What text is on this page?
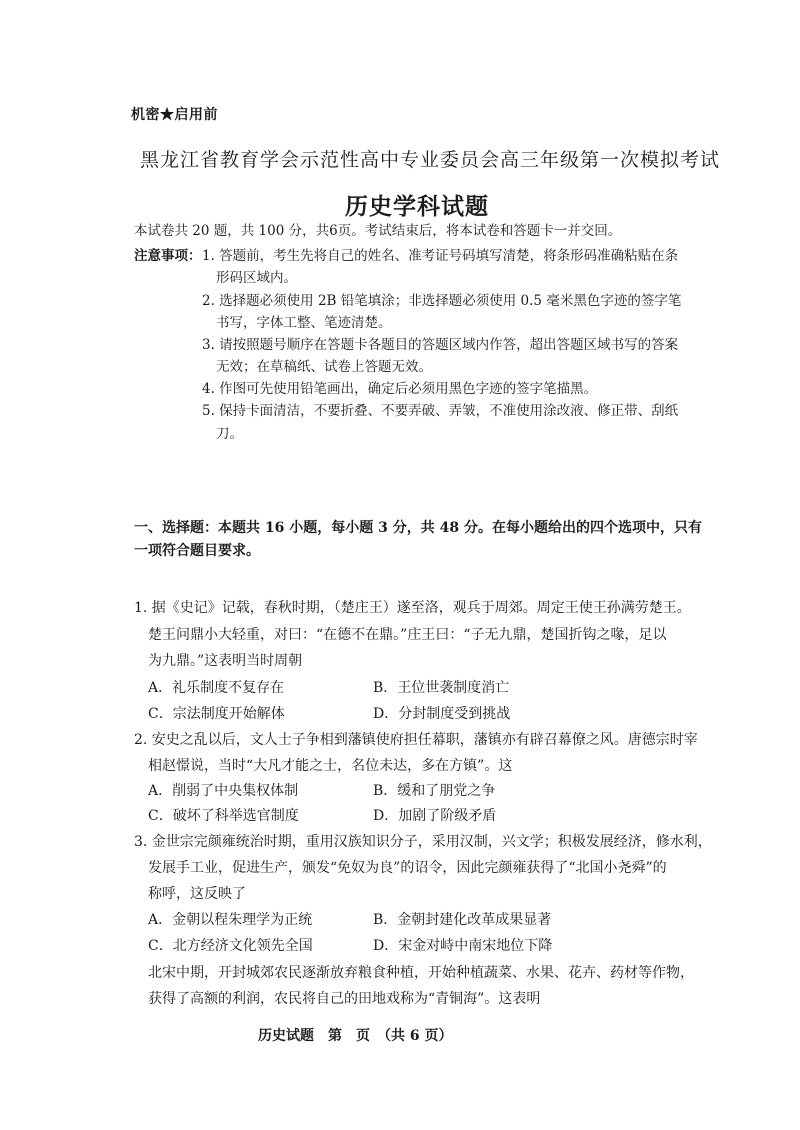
机密★启用前
黑龙江省教育学会示范性高中专业委员会高三年级第一次模拟考试
历史学科试题
本试卷共 20 题，共 100 分，共6页。考试结束后，将本试卷和答题卡一并交回。
注意事项： 1. 答题前，考生先将自己的姓名、准考证号码填写清楚，将条形码准确粘贴在条
形码区域内。
2. 选择题必须使用 2B 铅笔填涂；非选择题必须使用 0.5 毫米黑色字迹的签字笔
书写，字体工整、笔迹清楚。
3. 请按照题号顺序在答题卡各题目的答题区域内作答，超出答题区域书写的答案
无效；在草稿纸、试卷上答题无效。
4. 作图可先使用铅笔画出，确定后必须用黑色字迹的签字笔描黑。
5. 保持卡面清洁，不要折叠、不要弄破、弄皱，不准使用涂改液、修正带、刮纸
刀。
一、选择题：本题共 16 小题，每小题 3 分，共 48 分。在每小题给出的四个选项中，只有
一项符合题目要求。
1. 据《史记》记载，春秋时期，（楚庄王）遂至洛，观兵于周郊。周定王使王孙满劳楚王。
楚王问鼎小大轻重，对曰：“在德不在鼎。”庄王曰：“子无九鼎，楚国折钩之喙，足以
为九鼎。”这表明当时周朝
A．礼乐制度不复存在	B．王位世袭制度消亡
C．宗法制度开始解体	D．分封制度受到挑战
2. 安史之乱以后，文人士子争相到藩镇使府担任幕职，藩镇亦有辟召幕僚之风。唐德宗时宰
相赵憬说，当时“大凡才能之士，名位未达，多在方镇”。这
A．削弱了中央集权体制	B．缓和了朋党之争
C．破坏了科举选官制度	D．加剧了阶级矛盾
3. 金世宗完颜雍统治时期，重用汉族知识分子，采用汉制，兴文学；积极发展经济，修水利，
发展手工业，促进生产，颁发“免奴为良”的诏令，因此完颜雍获得了“北国小尧舜”的
称呼，这反映了
A．金朝以程朱理学为正统	B．金朝封建化改革成果显著
C．北方经济文化领先全国	D．宋金对峙中南宋地位下降
北宋中期，开封城郊农民逐渐放弃粮食种植，开始种植蔬菜、水果、花卉、药材等作物，
获得了高额的利润，农民将自己的田地戏称为“青铜海”。这表明
历史试题　第　页　（共 6 页）
